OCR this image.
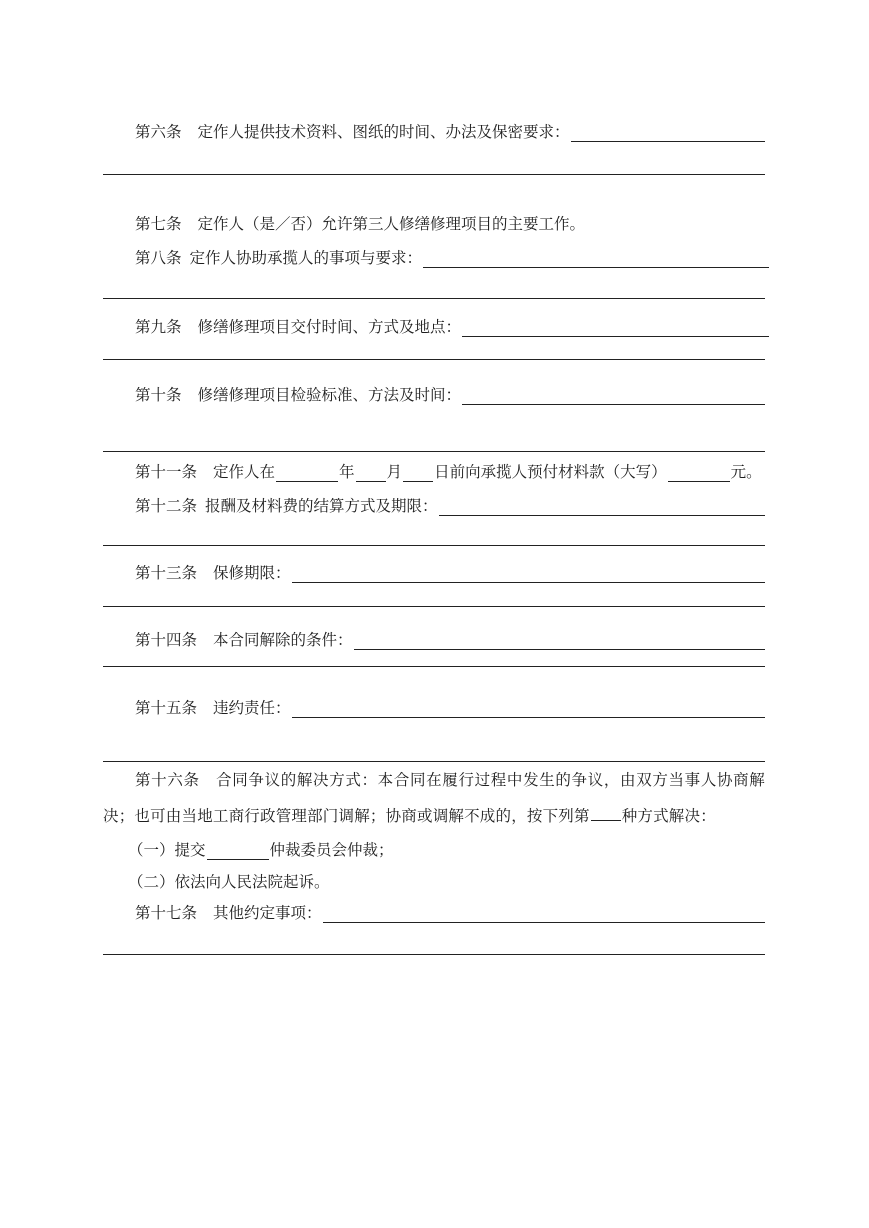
第六条 定作人提供技术资料、图纸的时间、办法及保密要求：
第七条 定作人（是／否）允许第三人修缮修理项目的主要工作。
第八条 定作人协助承揽人的事项与要求：
第九条 修缮修理项目交付时间、方式及地点：
第十条 修缮修理项目检验标准、方法及时间：
第十一条 定作人在	年 月 日前向承揽人预付材料款（大写）	元。
第十二条 报酬及材料费的结算方式及期限：
第十三条 保修期限：
第十四条 本合同解除的条件：
第十五条 违约责任：
第十六条 合同争议的解决方式：本合同在履行过程中发生的争议，由双方当事人协商解决；也可由当地工商行政管理部门调解；协商或调解不成的，按下列第 种方式解决：
（一）提交	仲裁委员会仲裁；
（二）依法向人民法院起诉。
第十七条 其他约定事项：
